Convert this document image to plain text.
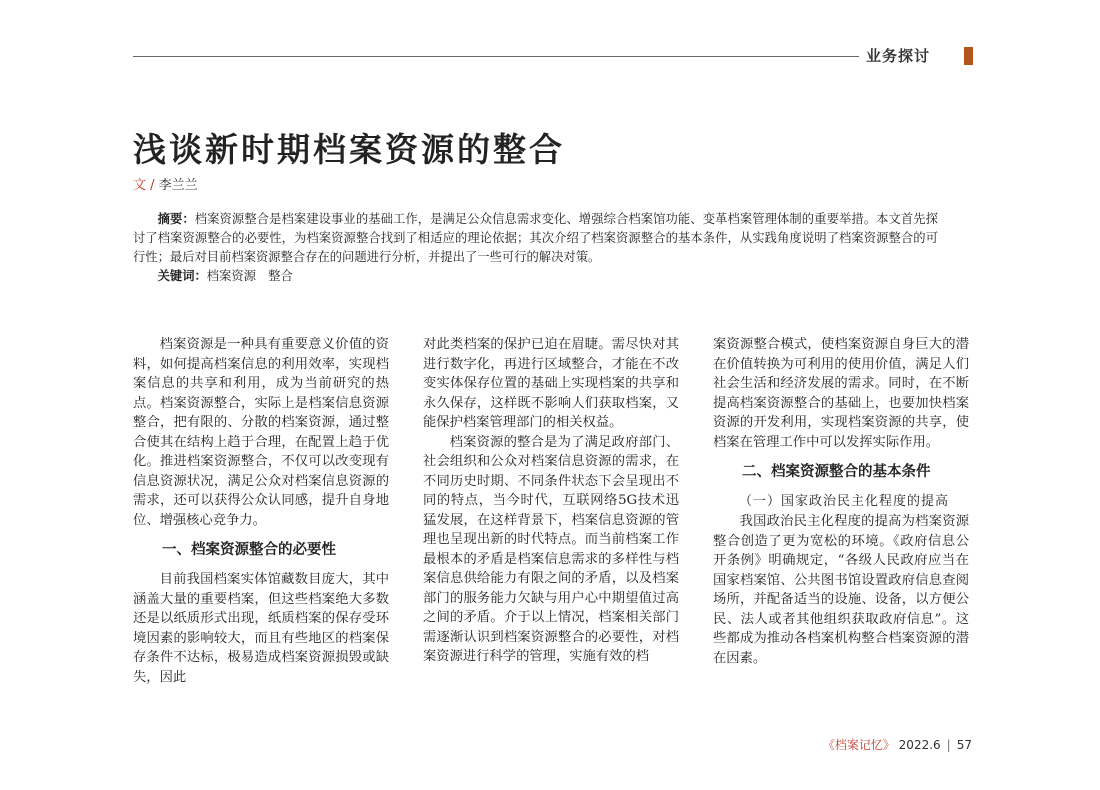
业务探讨
浅谈新时期档案资源的整合
文 / 李兰兰

摘要：档案资源整合是档案建设事业的基础工作，是满足公众信息需求变化、增强综合档案馆功能、变革档案管理体制的重要举措。本文首先探讨了档案资源整合的必要性，为档案资源整合找到了相适应的理论依据；其次介绍了档案资源整合的基本条件，从实践角度说明了档案资源整合的可行性；最后对目前档案资源整合存在的问题进行分析，并提出了一些可行的解决对策。

关键词：档案资源　整合

档案资源是一种具有重要意义价值的资料，如何提高档案信息的利用效率，实现档案信息的共享和利用，成为当前研究的热点。档案资源整合，实际上是档案信息资源整合，把有限的、分散的档案资源，通过整合使其在结构上趋于合理，在配置上趋于优化。推进档案资源整合，不仅可以改变现有信息资源状况，满足公众对档案信息资源的需求，还可以获得公众认同感，提升自身地位、增强核心竞争力。

一、档案资源整合的必要性

目前我国档案实体馆藏数目庞大，其中涵盖大量的重要档案，但这些档案绝大多数还是以纸质形式出现，纸质档案的保存受环境因素的影响较大，而且有些地区的档案保存条件不达标，极易造成档案资源损毁或缺失，因此

对此类档案的保护已迫在眉睫。需尽快对其进行数字化，再进行区域整合，才能在不改变实体保存位置的基础上实现档案的共享和永久保存，这样既不影响人们获取档案，又能保护档案管理部门的相关权益。

档案资源的整合是为了满足政府部门、社会组织和公众对档案信息资源的需求，在不同历史时期、不同条件状态下会呈现出不同的特点，当今时代，互联网络5G技术迅猛发展，在这样背景下，档案信息资源的管理也呈现出新的时代特点。而当前档案工作最根本的矛盾是档案信息需求的多样性与档案信息供给能力有限之间的矛盾，以及档案部门的服务能力欠缺与用户心中期望值过高之间的矛盾。介于以上情况，档案相关部门需逐渐认识到档案资源整合的必要性，对档案资源进行科学的管理，实施有效的档

案资源整合模式，使档案资源自身巨大的潜在价值转换为可利用的使用价值，满足人们社会生活和经济发展的需求。同时，在不断提高档案资源整合的基础上，也要加快档案资源的开发利用，实现档案资源的共享，使档案在管理工作中可以发挥实际作用。

二、档案资源整合的基本条件
（一）国家政治民主化程度的提高

我国政治民主化程度的提高为档案资源整合创造了更为宽松的环境。《政府信息公开条例》明确规定，“各级人民政府应当在国家档案馆、公共图书馆设置政府信息查阅场所，并配备适当的设施、设备，以方便公民、法人或者其他组织获取政府信息”。这些都成为推动各档案机构整合档案资源的潜在因素。

《档案记忆》 2022.6 | 57
